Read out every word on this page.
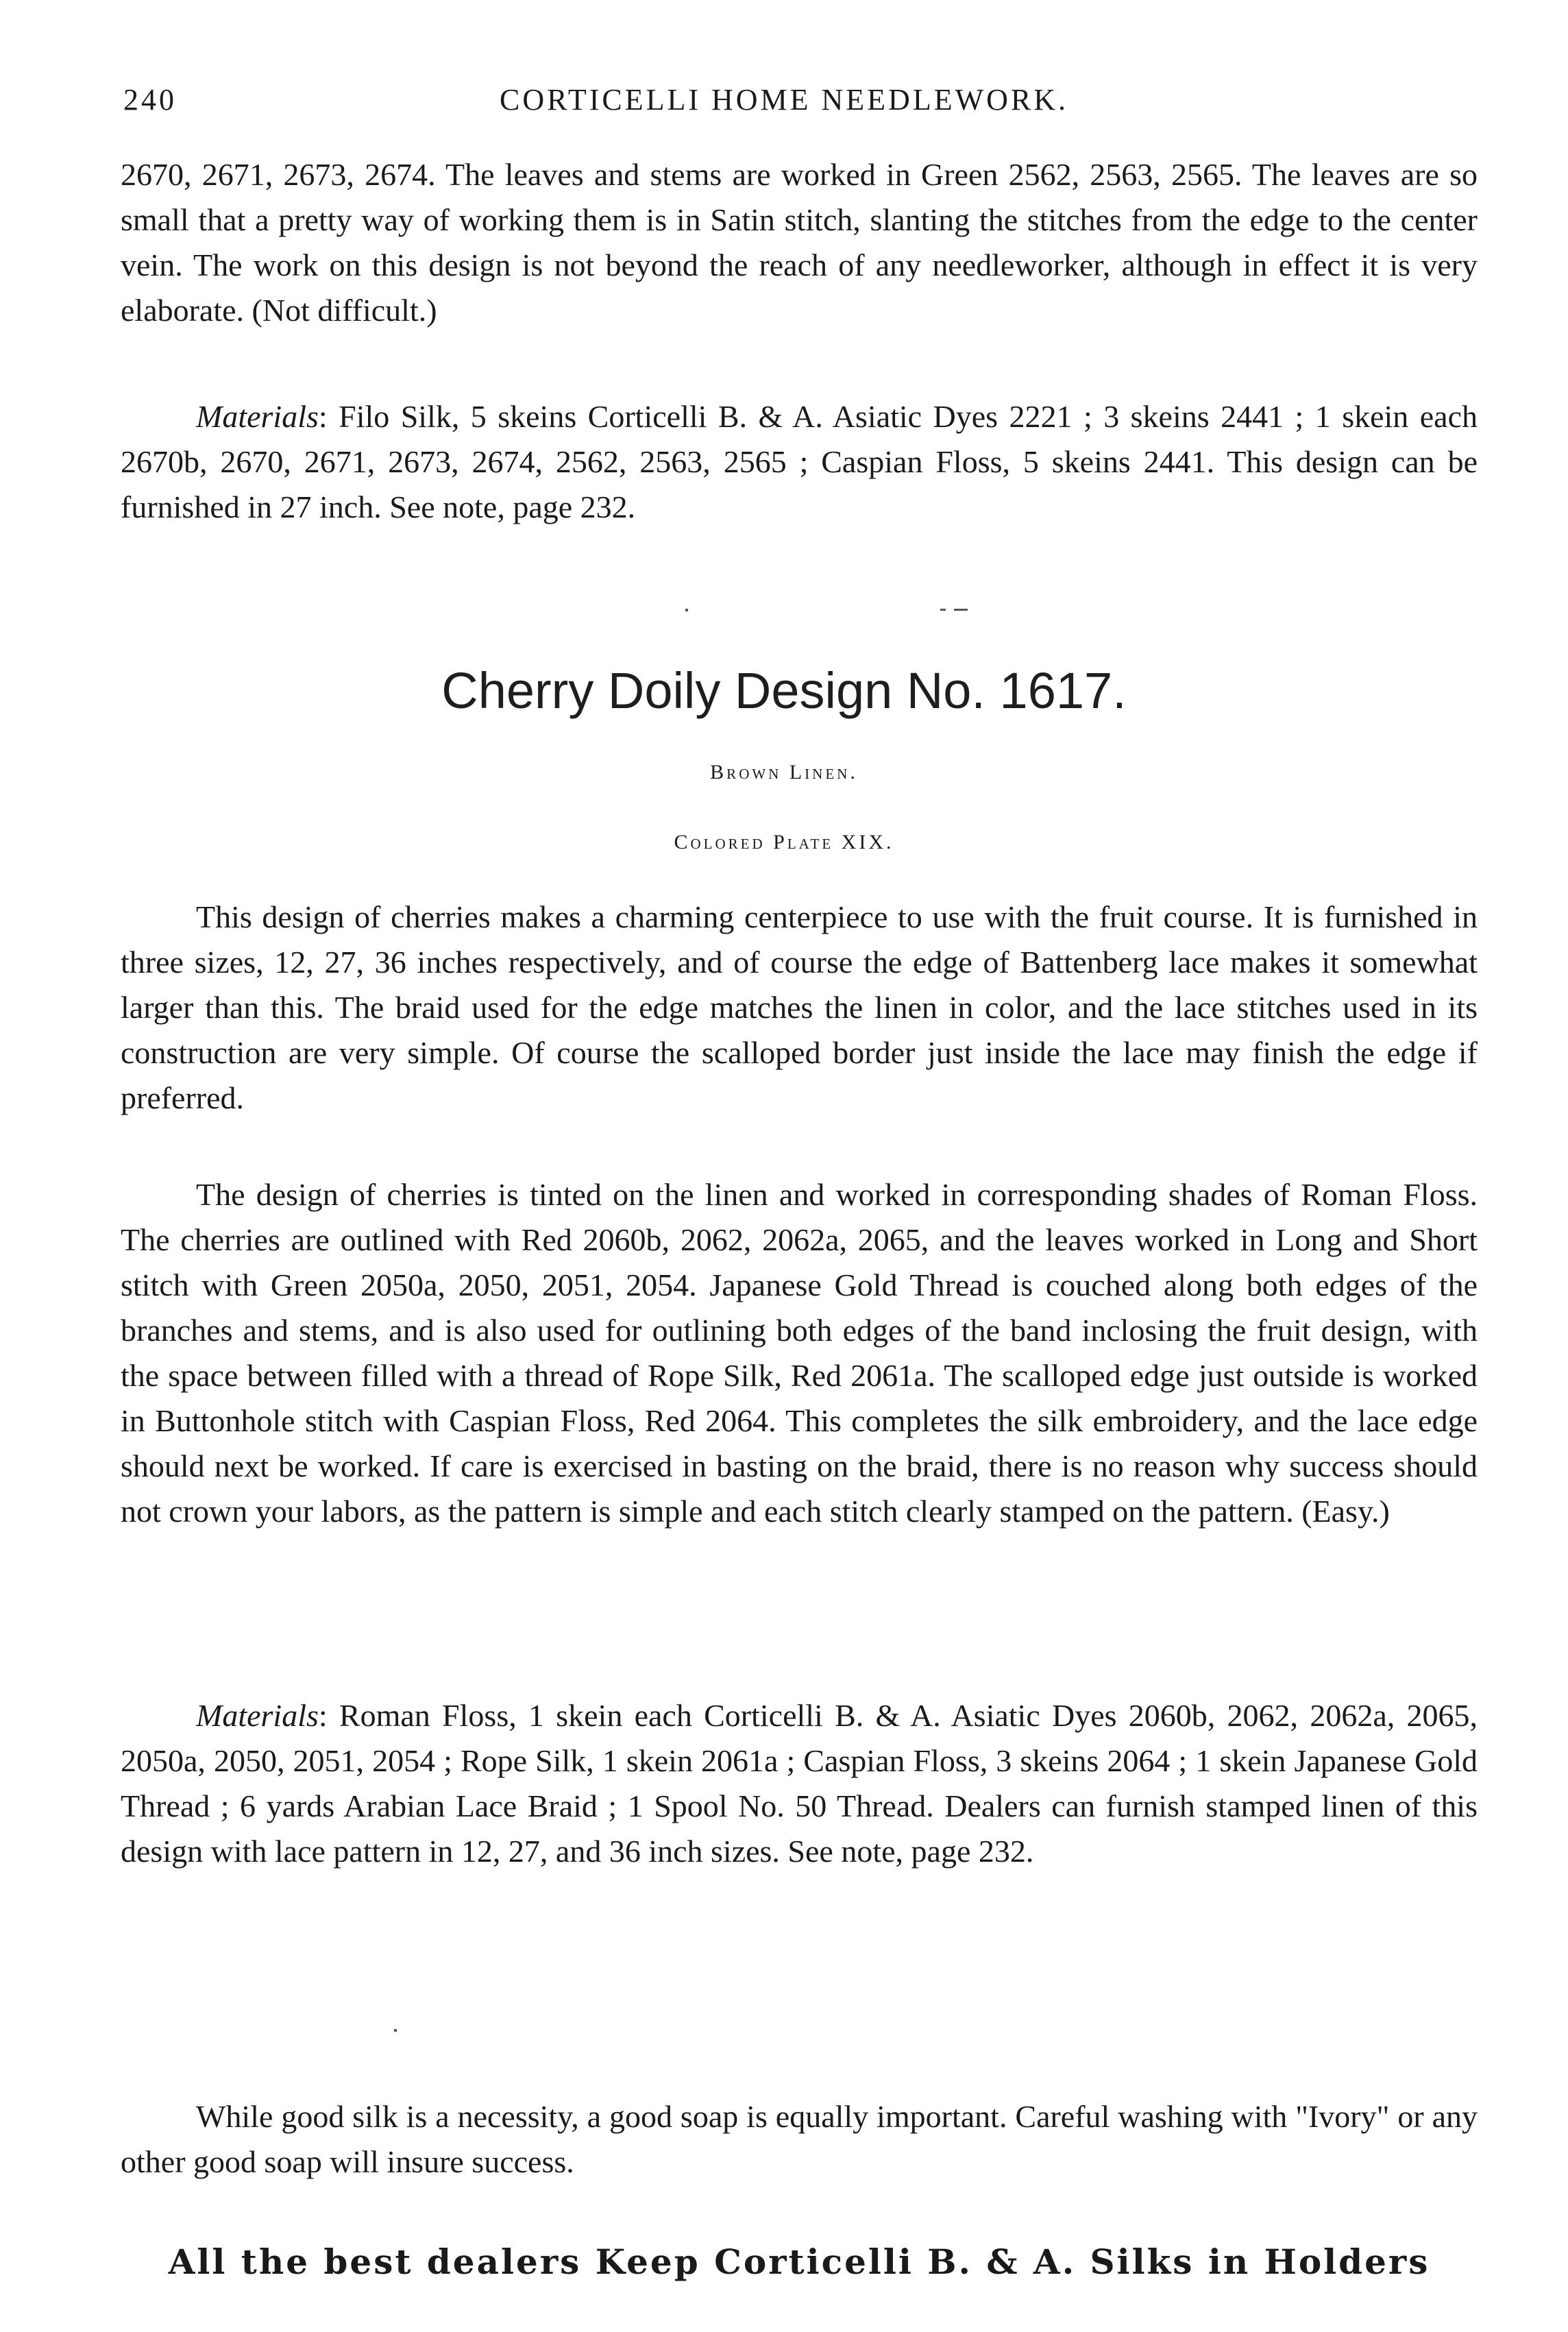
240	CORTICELLI HOME NEEDLEWORK.

2670, 2671, 2673, 2674. The leaves and stems are worked in Green 2562, 2563, 2565. The leaves are so small that a pretty way of working them is in Satin stitch, slanting the stitches from the edge to the center vein. The work on this design is not beyond the reach of any needleworker, although in effect it is very elaborate. (Not difficult.)

Materials: Filo Silk, 5 skeins Corticelli B. & A. Asiatic Dyes 2221 ; 3 skeins 2441 ; 1 skein each 2670b, 2670, 2671, 2673, 2674, 2562, 2563, 2565 ; Caspian Floss, 5 skeins 2441. This design can be furnished in 27 inch. See note, page 232.

Cherry Doily Design No. 1617.

Brown Linen.

Colored Plate XIX.

This design of cherries makes a charming centerpiece to use with the fruit course. It is furnished in three sizes, 12, 27, 36 inches respectively, and of course the edge of Battenberg lace makes it somewhat larger than this. The braid used for the edge matches the linen in color, and the lace stitches used in its construction are very simple. Of course the scalloped border just inside the lace may finish the edge if preferred.

The design of cherries is tinted on the linen and worked in corresponding shades of Roman Floss. The cherries are outlined with Red 2060b, 2062, 2062a, 2065, and the leaves worked in Long and Short stitch with Green 2050a, 2050, 2051, 2054. Japanese Gold Thread is couched along both edges of the branches and stems, and is also used for outlining both edges of the band inclosing the fruit design, with the space between filled with a thread of Rope Silk, Red 2061a. The scalloped edge just outside is worked in Buttonhole stitch with Caspian Floss, Red 2064. This completes the silk embroidery, and the lace edge should next be worked. If care is exercised in basting on the braid, there is no reason why success should not crown your labors, as the pattern is simple and each stitch clearly stamped on the pattern. (Easy.)

Materials: Roman Floss, 1 skein each Corticelli B. & A. Asiatic Dyes 2060b, 2062, 2062a, 2065, 2050a, 2050, 2051, 2054 ; Rope Silk, 1 skein 2061a ; Caspian Floss, 3 skeins 2064 ; 1 skein Japanese Gold Thread ; 6 yards Arabian Lace Braid ; 1 Spool No. 50 Thread. Dealers can furnish stamped linen of this design with lace pattern in 12, 27, and 36 inch sizes. See note, page 232.

While good silk is a necessity, a good soap is equally important. Careful washing with "Ivory" or any other good soap will insure success.

All the best dealers Keep Corticelli B. & A. Silks in Holders
